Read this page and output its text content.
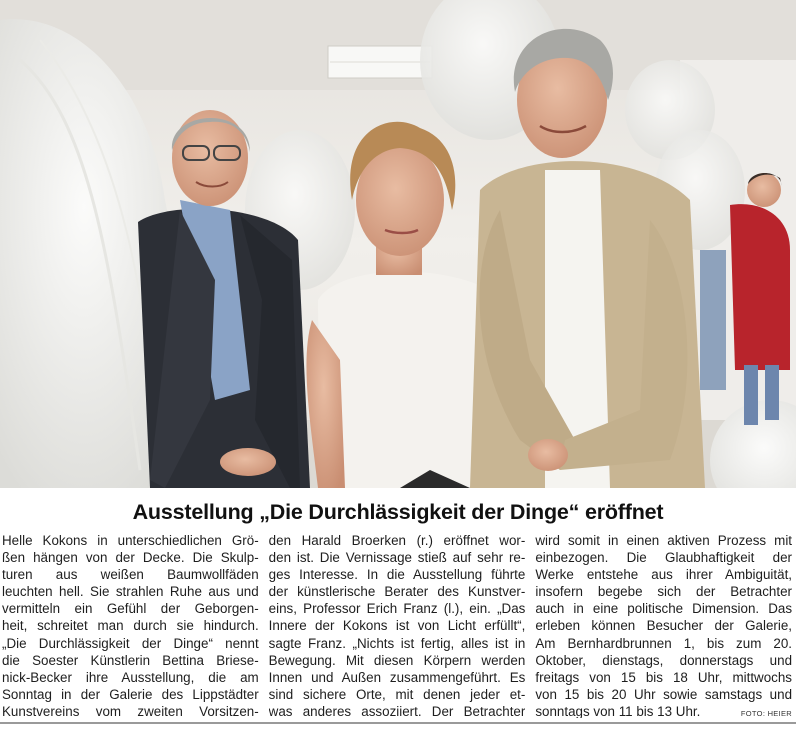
Ausstellung „Die Durchlässigkeit der Dinge“ eröffnet
Helle Kokons in unterschiedlichen Grö-
ßen hängen von der Decke. Die Skulp-
turen aus weißen Baumwollfäden
leuchten hell. Sie strahlen Ruhe aus und
vermitteln ein Gefühl der Geborgen-
heit, schreitet man durch sie hindurch.
„Die Durchlässigkeit der Dinge“ nennt
die Soester Künstlerin Bettina Briese-
nick-Becker ihre Ausstellung, die am
Sonntag in der Galerie des Lippstädter
Kunstvereins vom zweiten Vorsitzen-
den Harald Broerken (r.) eröffnet wor-
den ist. Die Vernissage stieß auf sehr re-
ges Interesse. In die Ausstellung führte
der künstlerische Berater des Kunstver-
eins, Professor Erich Franz (l.), ein. „Das
Innere der Kokons ist von Licht erfüllt“,
sagte Franz. „Nichts ist fertig, alles ist in
Bewegung. Mit diesen Körpern werden
Innen und Außen zusammengeführt. Es
sind sichere Orte, mit denen jeder et-
was anderes assoziiert. Der Betrachter
wird somit in einen aktiven Prozess mit
einbezogen. Die Glaubhaftigkeit der
Werke entstehe aus ihrer Ambiguität,
insofern begebe sich der Betrachter
auch in eine politische Dimension. Das
erleben können Besucher der Galerie,
Am Bernhardbrunnen 1, bis zum 20.
Oktober, dienstags, donnerstags und
freitags von 15 bis 18 Uhr, mittwochs
von 15 bis 20 Uhr sowie samstags und
sonntags von 11 bis 13 Uhr.	FOTO: HEIER
